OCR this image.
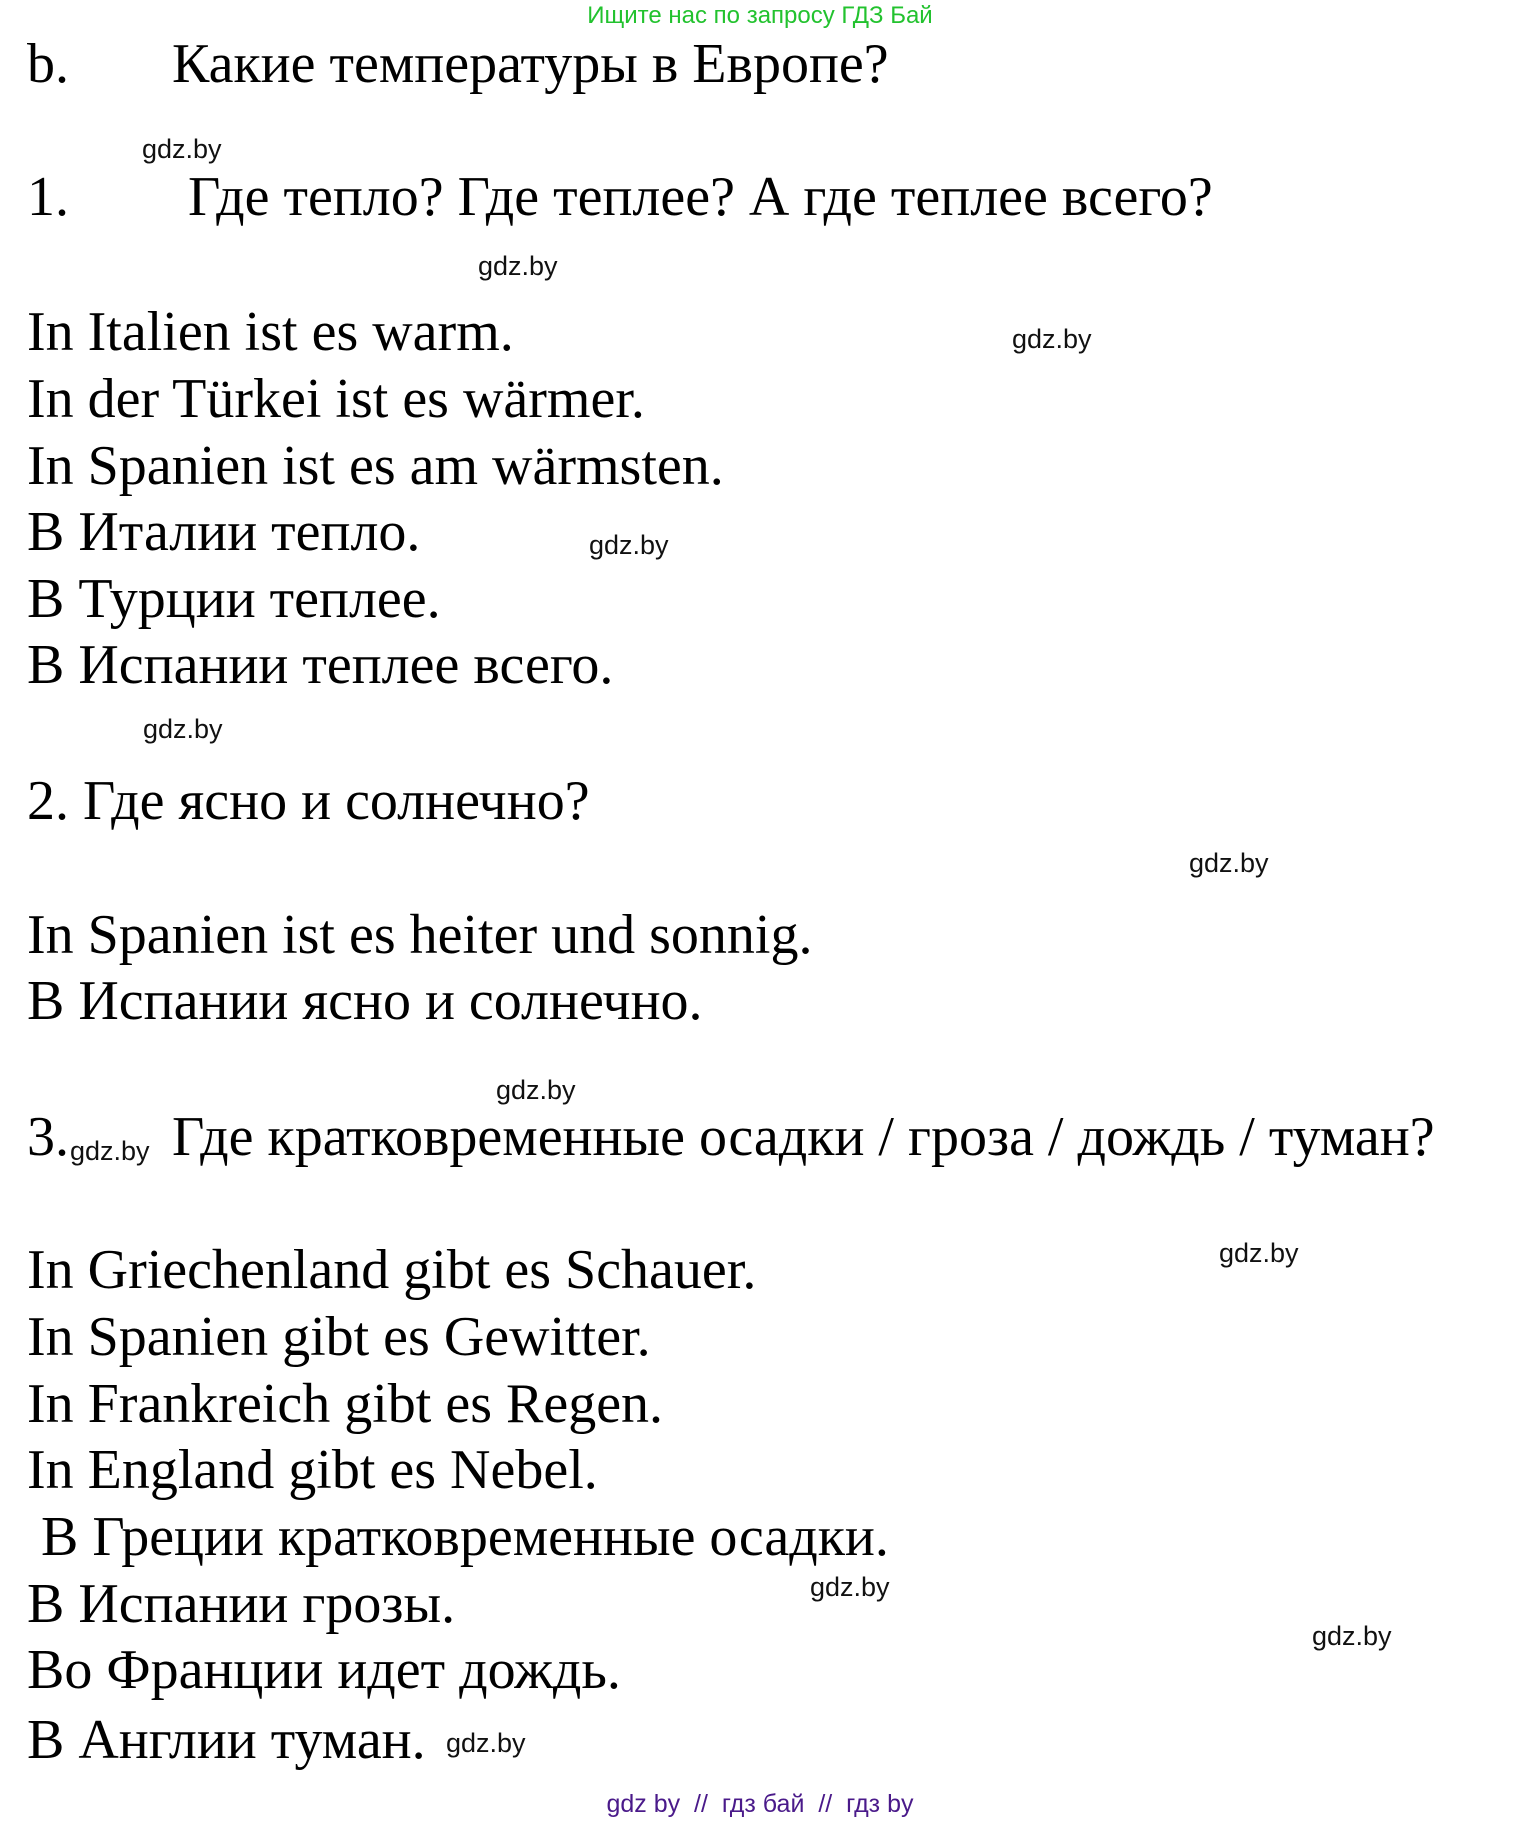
Ищите нас по запросу ГДЗ Бай
b. Какие температуры в Европе?
gdz.by
1. Где тепло? Где теплее? А где теплее всего?
gdz.by
In Italien ist es warm.	gdz.by
In der Türkei ist es wärmer.
In Spanien ist es am wärmsten.
В Италии тепло.	gdz.by
В Турции теплее.
В Испании теплее всего.
gdz.by
2. Где ясно и солнечно?
gdz.by
In Spanien ist es heiter und sonnig.
В Испании ясно и солнечно.
gdz.by
3. gdz.by Где кратковременные осадки / гроза / дождь / туман?
gdz.by
In Griechenland gibt es Schauer.
In Spanien gibt es Gewitter.
In Frankreich gibt es Regen.
In England gibt es Nebel.
В Греции кратковременные осадки.
gdz.by
В Испании грозы.
gdz.by
Во Франции идет дождь.
В Англии туман. gdz.by
gdz by  //  гдз бай  //  гдз by
